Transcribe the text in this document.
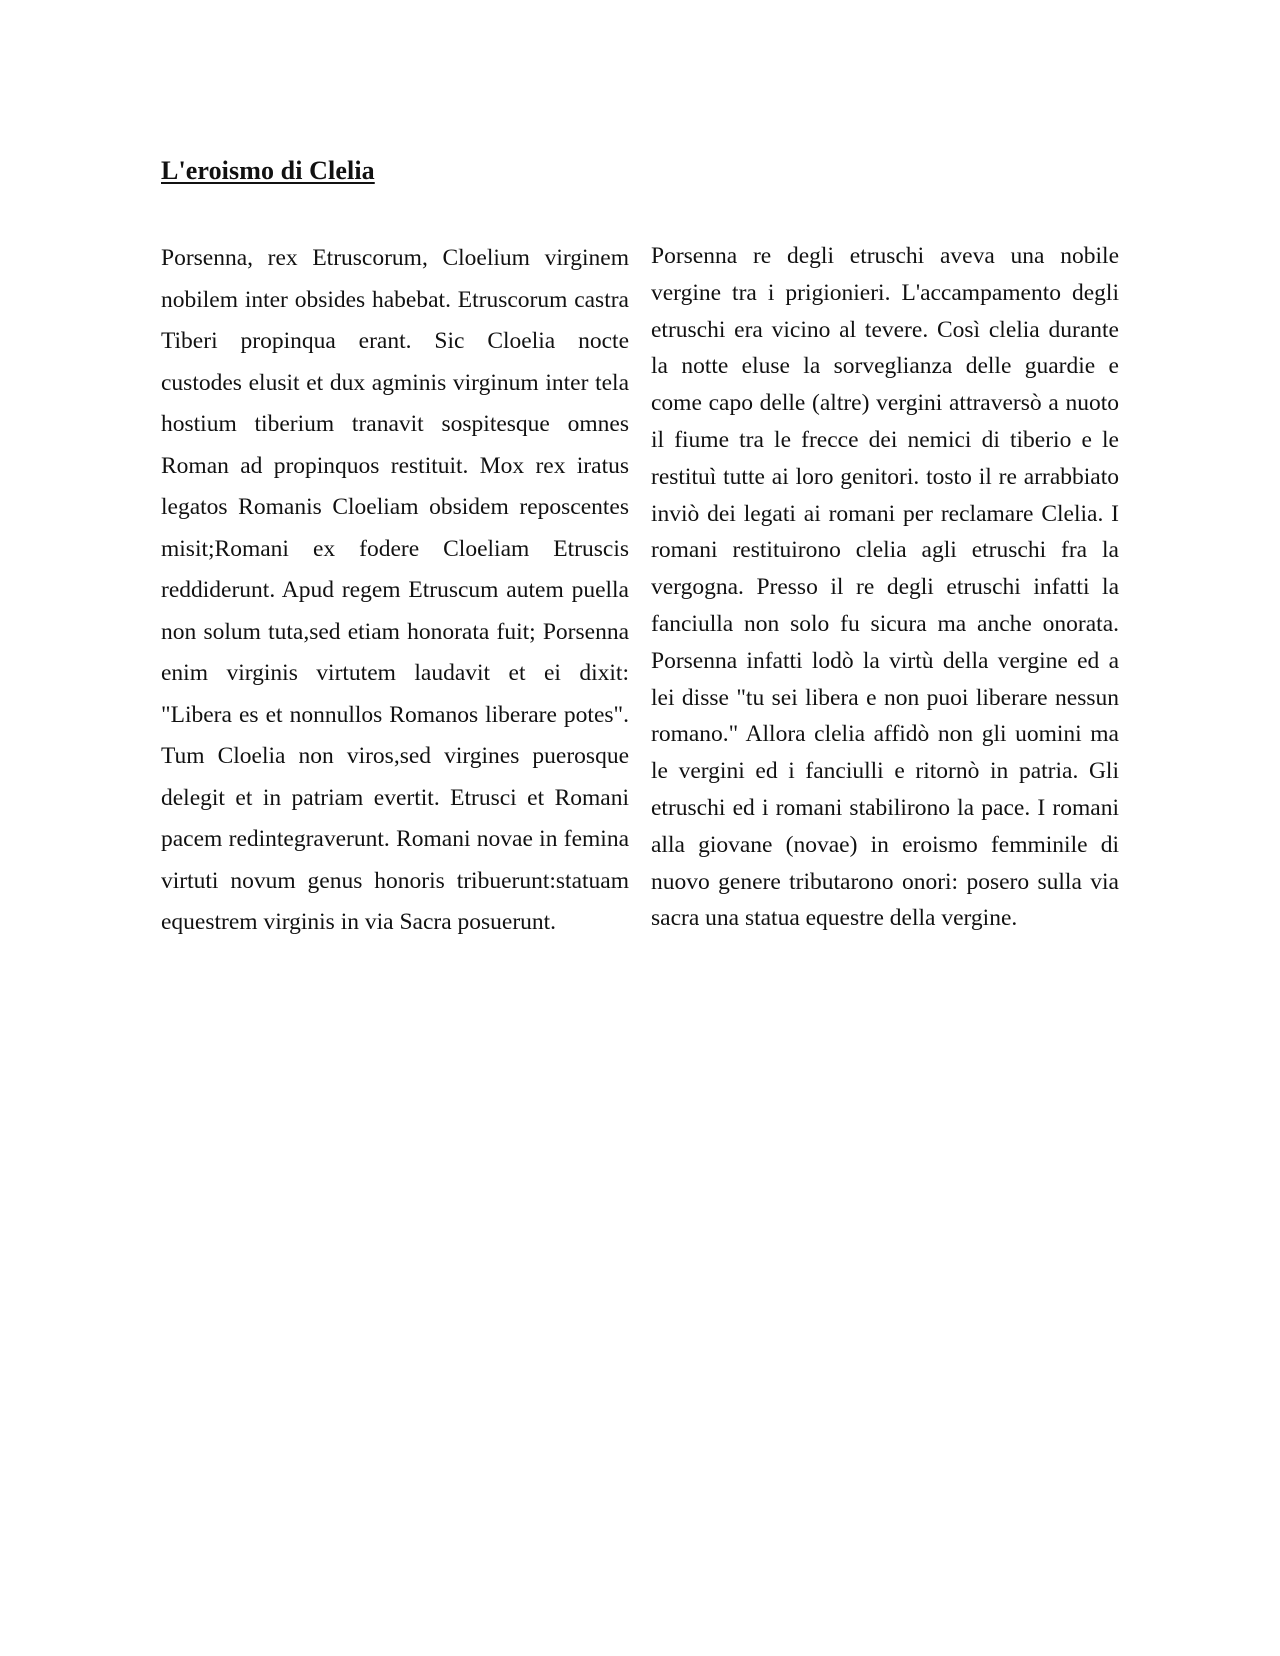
L'eroismo di Clelia

Porsenna, rex Etruscorum, Cloelium virginem nobilem inter obsides habebat. Etruscorum castra Tiberi propinqua erant. Sic Cloelia nocte custodes elusit et dux agminis virginum inter tela hostium tiberium tranavit sospitesque omnes Roman ad propinquos restituit. Mox rex iratus legatos Romanis Cloeliam obsidem reposcentes misit;Romani ex fodere Cloeliam Etruscis reddiderunt. Apud regem Etruscum autem puella non solum tuta,sed etiam honorata fuit; Porsenna enim virginis virtutem laudavit et ei dixit: "Libera es et nonnullos Romanos liberare potes". Tum Cloelia non viros,sed virgines puerosque delegit et in patriam evertit. Etrusci et Romani pacem redintegraverunt. Romani novae in femina virtuti novum genus honoris tribuerunt:statuam equestrem virginis in via Sacra posuerunt.

Porsenna re degli etruschi aveva una nobile vergine tra i prigionieri. L'accampamento degli etruschi era vicino al tevere. Così clelia durante la notte eluse la sorveglianza delle guardie e come capo delle (altre) vergini attraversò a nuoto il fiume tra le frecce dei nemici di tiberio e le restituì tutte ai loro genitori. tosto il re arrabbiato inviò dei legati ai romani per reclamare Clelia. I romani restituirono clelia agli etruschi fra la vergogna. Presso il re degli etruschi infatti la fanciulla non solo fu sicura ma anche onorata. Porsenna infatti lodò la virtù della vergine ed a lei disse "tu sei libera e non puoi liberare nessun romano." Allora clelia affidò non gli uomini ma le vergini ed i fanciulli e ritornò in patria. Gli etruschi ed i romani stabilirono la pace. I romani alla giovane (novae) in eroismo femminile di nuovo genere tributarono onori: posero sulla via sacra una statua equestre della vergine.
